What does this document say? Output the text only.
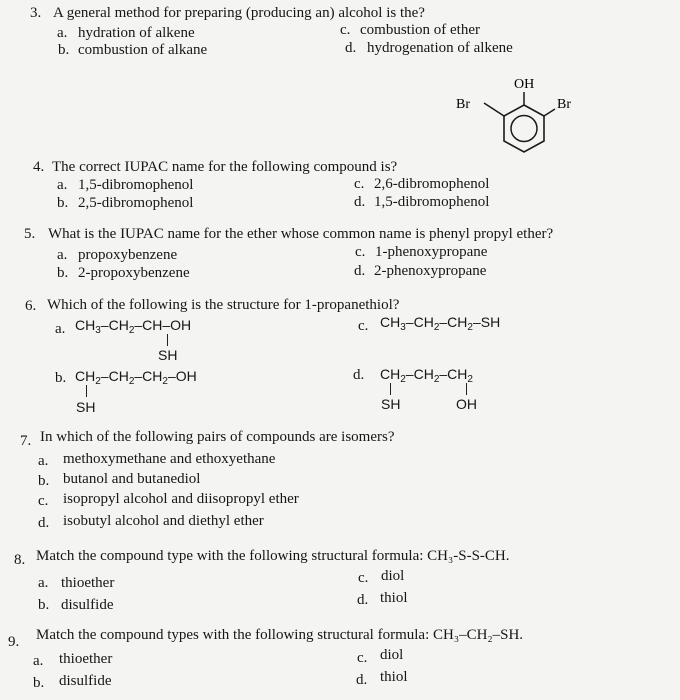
3. A general method for preparing (producing an) alcohol is the?
a. hydration of alkene
b. combustion of alkane
c. combustion of ether
d. hydrogenation of alkene
OH
Br	Br
4. The correct IUPAC name for the following compound is?
a. 1,5-dibromophenol
b. 2,5-dibromophenol
c. 2,6-dibromophenol
d. 1,5-dibromophenol
5. What is the IUPAC name for the ether whose common name is phenyl propyl ether?
a. propoxybenzene
b. 2-propoxybenzene
c. 1-phenoxypropane
d. 2-phenoxypropane
6. Which of the following is the structure for 1-propanethiol?
a. $CH_3-CH_2-CH-OH$
SH
b. $CH_2-CH_2-CH_2-OH$
SH
c. $CH_3-CH_2-CH_2-SH$
d. $CH_2-CH_2-CH_2$
SH	OH
7. In which of the following pairs of compounds are isomers?
a. methoxymethane and ethoxyethane
b. butanol and butanediol
c. isopropyl alcohol and diisopropyl ether
d. isobutyl alcohol and diethyl ether
8. Match the compound type with the following structural formula: CH₃-S-S-CH.
a. thioether
b. disulfide
c. diol
d. thiol
9. Match the compound types with the following structural formula: CH₃–CH₂–SH.
a. thioether
b. disulfide
c. diol
d. thiol
